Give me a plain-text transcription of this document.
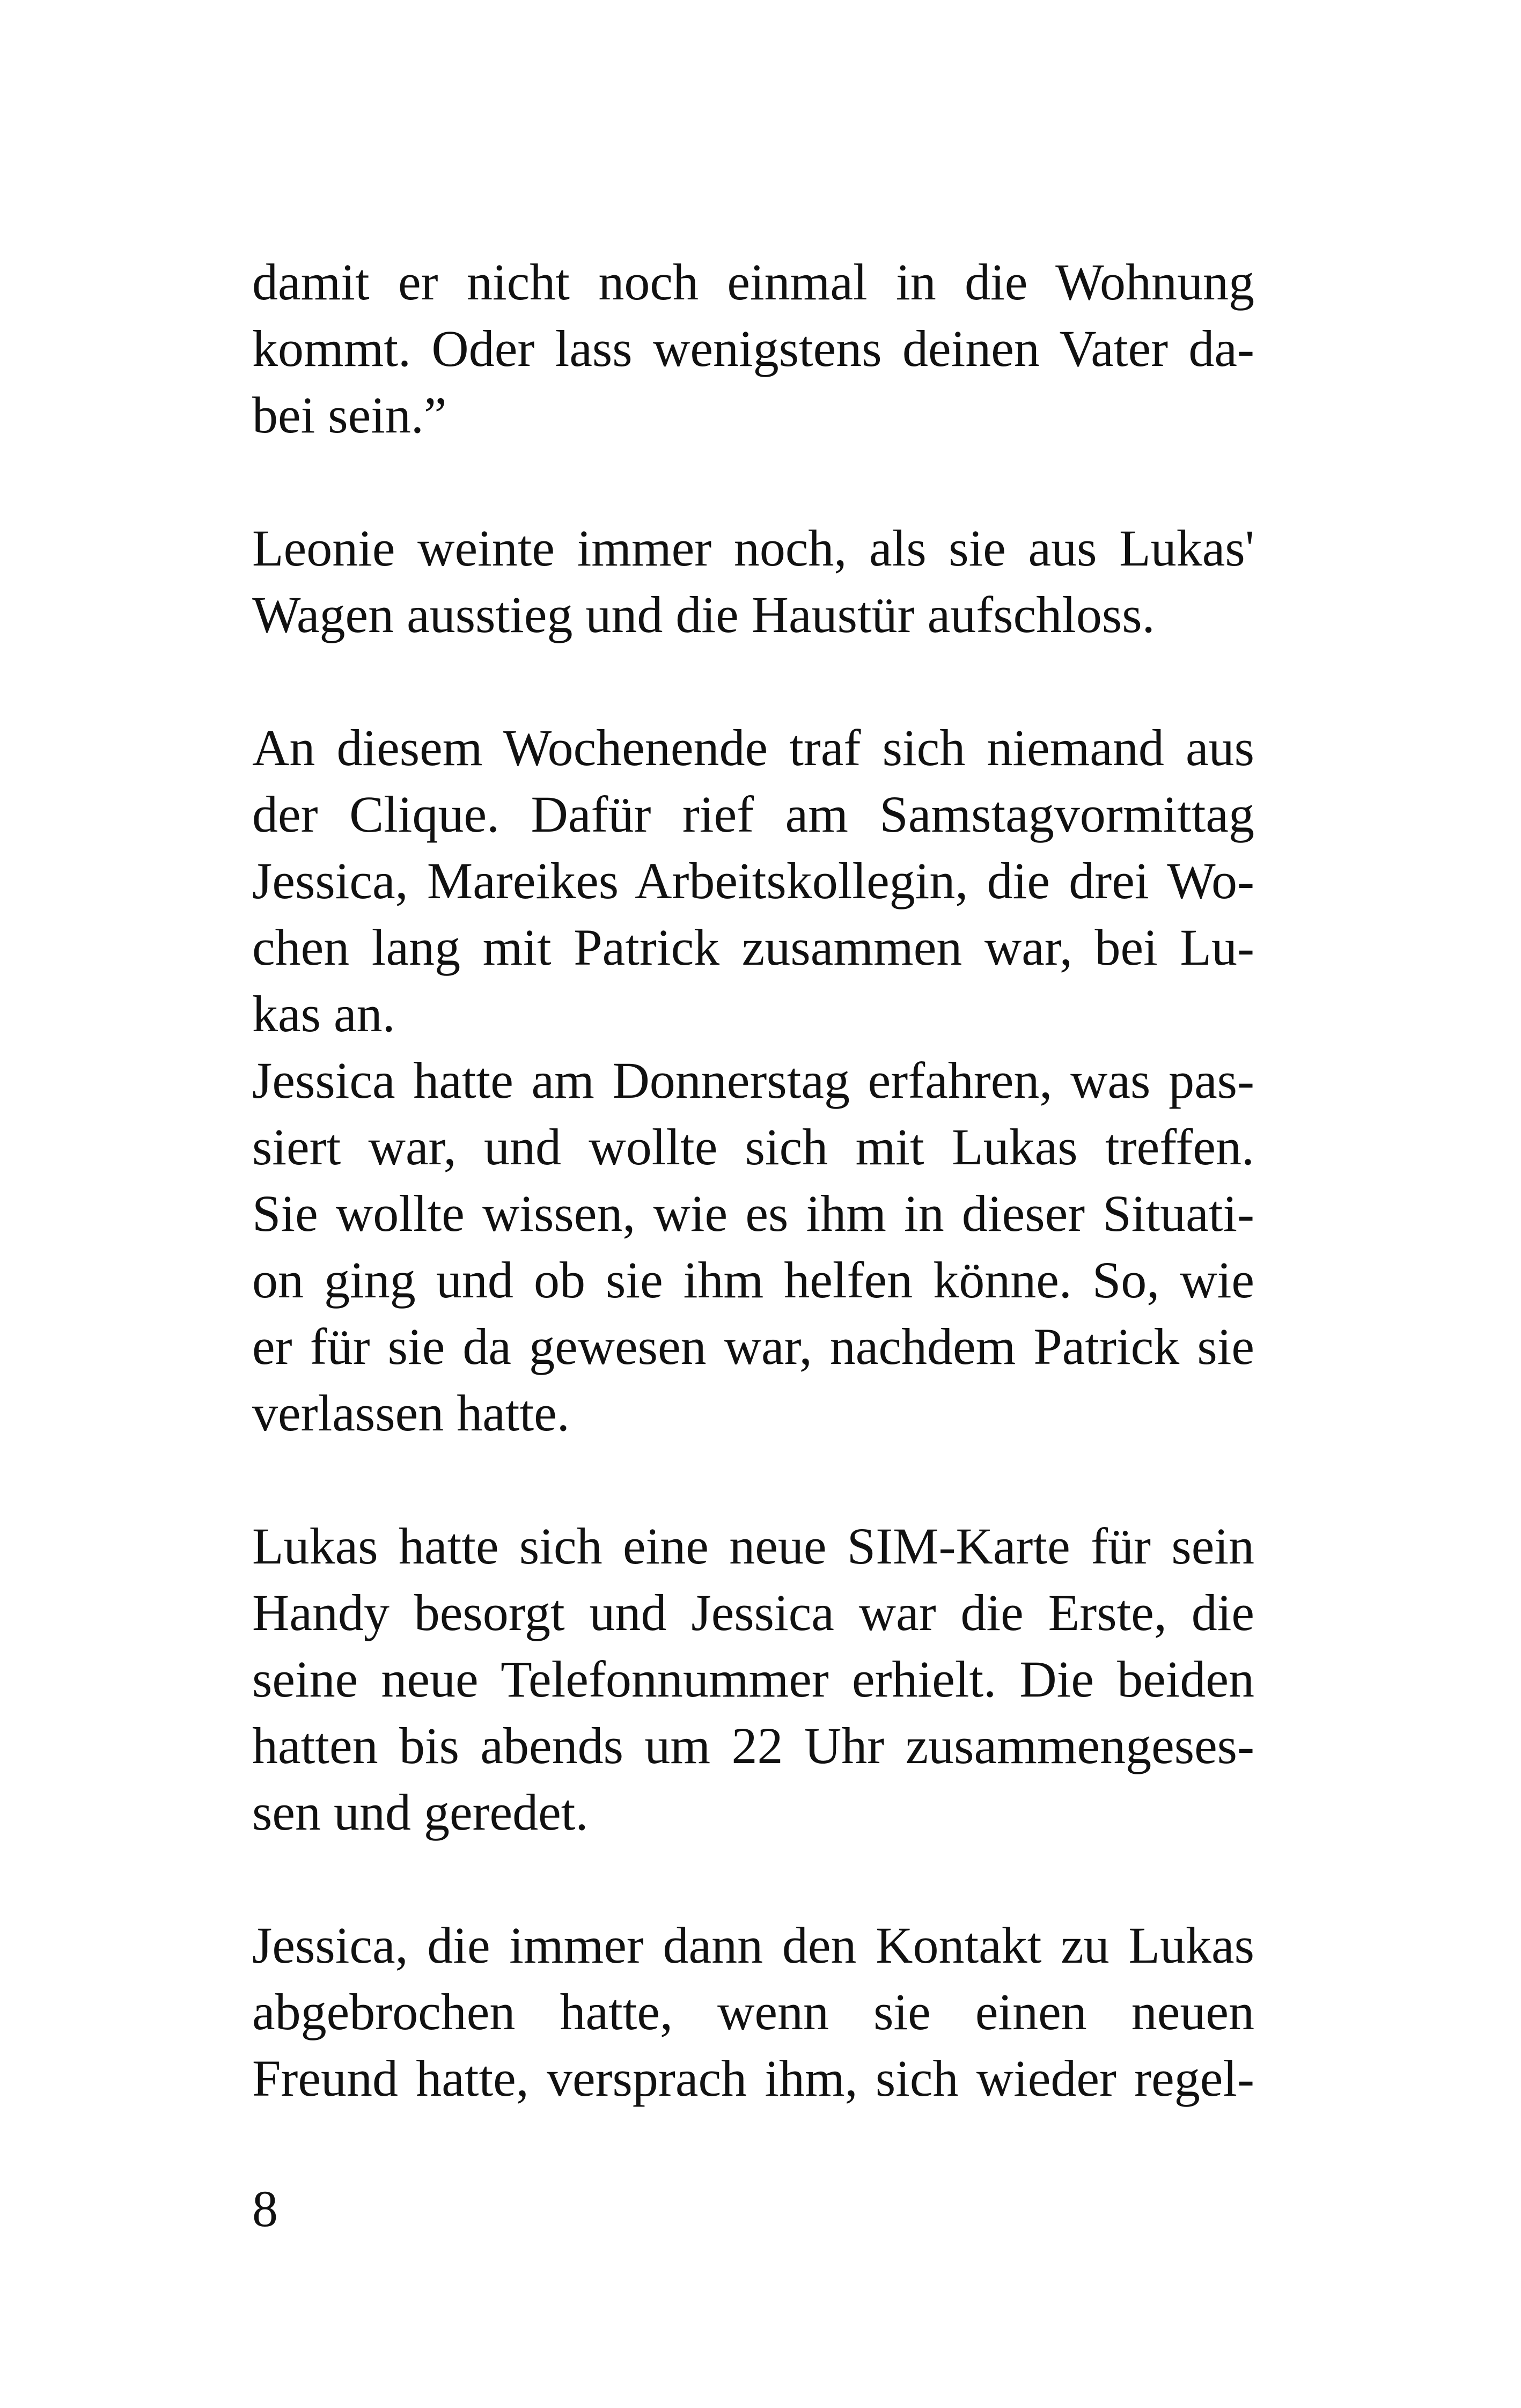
damit er nicht noch einmal in die Wohnung
kommt. Oder lass wenigstens deinen Vater da-
bei sein.”
Leonie weinte immer noch, als sie aus Lukas'
Wagen ausstieg und die Haustür aufschloss.
An diesem Wochenende traf sich niemand aus
der Clique. Dafür rief am Samstagvormittag
Jessica, Mareikes Arbeitskollegin, die drei Wo-
chen lang mit Patrick zusammen war, bei Lu-
kas an.
Jessica hatte am Donnerstag erfahren, was pas-
siert war, und wollte sich mit Lukas treffen.
Sie wollte wissen, wie es ihm in dieser Situati-
on ging und ob sie ihm helfen könne. So, wie
er für sie da gewesen war, nachdem Patrick sie
verlassen hatte.
Lukas hatte sich eine neue SIM-Karte für sein
Handy besorgt und Jessica war die Erste, die
seine neue Telefonnummer erhielt. Die beiden
hatten bis abends um 22 Uhr zusammengeses-
sen und geredet.
Jessica, die immer dann den Kontakt zu Lukas
abgebrochen hatte, wenn sie einen neuen
Freund hatte, versprach ihm, sich wieder regel-
8
